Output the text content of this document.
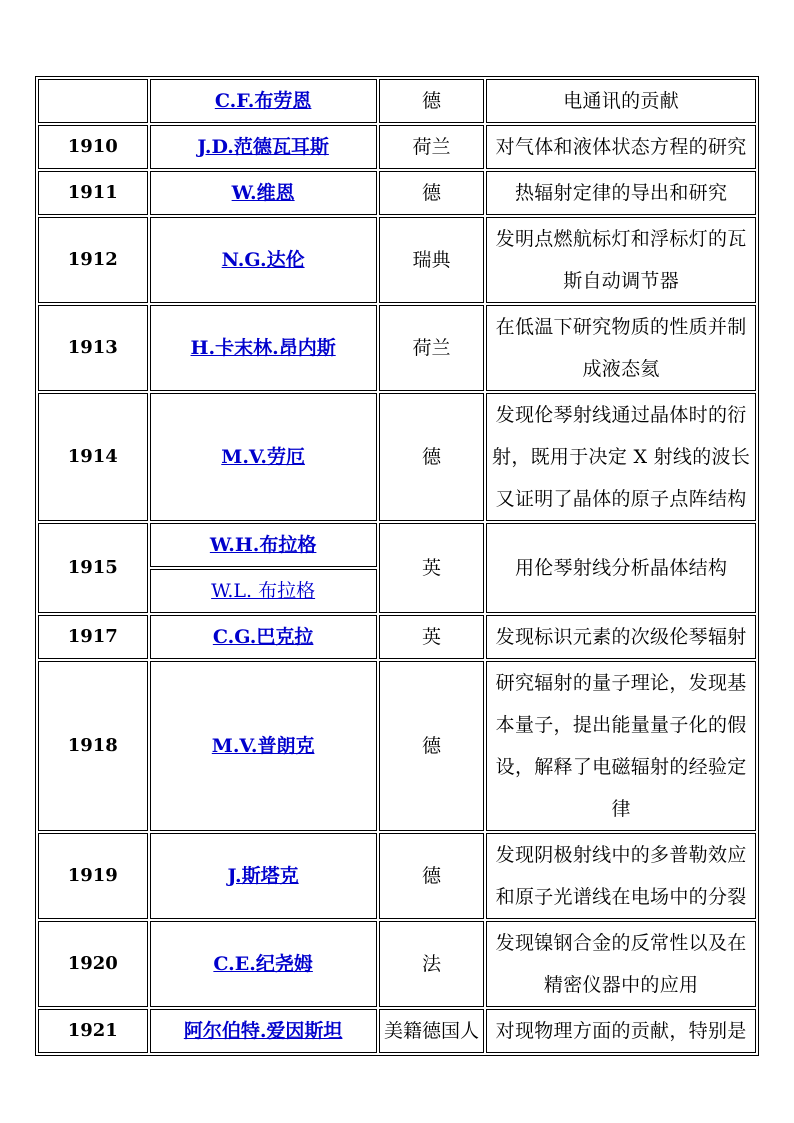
	C.F.布劳恩	德	电通讯的贡献
1910	J.D.范德瓦耳斯	荷兰	对气体和液体状态方程的研究
1911	W.维恩	德	热辐射定律的导出和研究
1912	N.G.达伦	瑞典	发明点燃航标灯和浮标灯的瓦斯自动调节器
1913	H.卡末林.昂内斯	荷兰	在低温下研究物质的性质并制成液态氦
1914	M.V.劳厄	德	发现伦琴射线通过晶体时的衍射，既用于决定 X 射线的波长又证明了晶体的原子点阵结构
1915	W.H.布拉格	英	用伦琴射线分析晶体结构
	W.L. 布拉格		
1917	C.G.巴克拉	英	发现标识元素的次级伦琴辐射
1918	M.V.普朗克	德	研究辐射的量子理论，发现基本量子，提出能量量子化的假设，解释了电磁辐射的经验定律
1919	J.斯塔克	德	发现阴极射线中的多普勒效应和原子光谱线在电场中的分裂
1920	C.E.纪尧姆	法	发现镍钢合金的反常性以及在精密仪器中的应用
1921	阿尔伯特.爱因斯坦	美籍德国人	对现物理方面的贡献，特别是
